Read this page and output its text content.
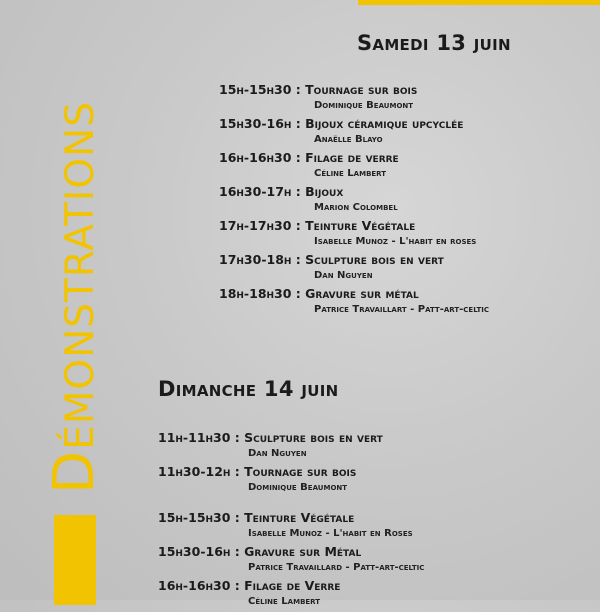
Démonstrations
Samedi 13 juin
15h-15h30 : Tournage sur bois
Dominique Beaumont
15h30-16h : Bijoux céramique upcyclée
Anaëlle Blayo
16h-16h30 : Filage de verre
Céline Lambert
16h30-17h : Bijoux
Marion Colombel
17h-17h30 : Teinture Végétale
Isabelle Munoz - L'habit en roses
17h30-18h : Sculpture bois en vert
Dan Nguyen
18h-18h30 : Gravure sur métal
Patrice Travaillart - Patt-art-celtic
Dimanche 14 juin
11h-11h30 : Sculpture bois en vert
Dan Nguyen
11h30-12h : Tournage sur bois
Dominique Beaumont
15h-15h30 : Teinture Végétale
Isabelle Munoz - L'habit en Roses
15h30-16h : Gravure sur Métal
Patrice Travaillard - Patt-art-celtic
16h-16h30 : Filage de Verre
Céline Lambert
